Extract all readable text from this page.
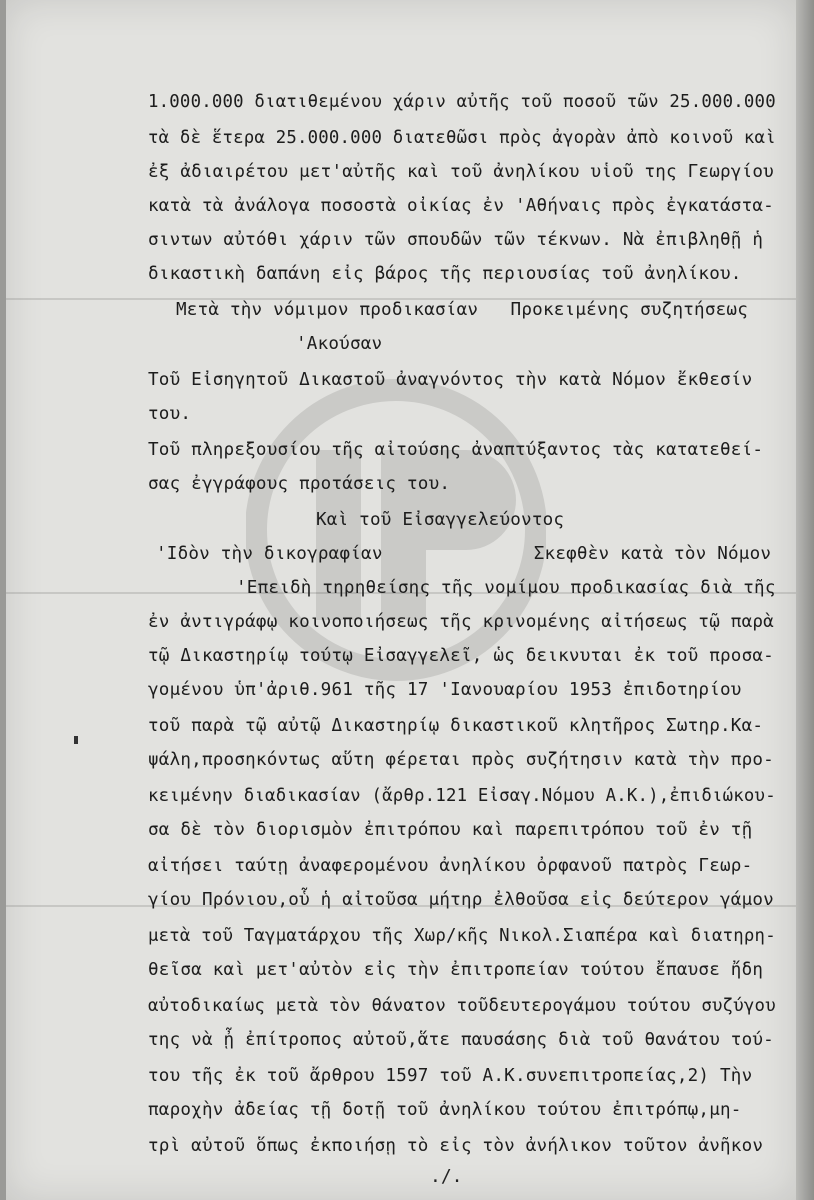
1.000.000 διατιθεμένου χάριν αὐτῆς τοῦ ποσοῦ τῶν 25.000.000
τὰ δὲ ἕτερα 25.000.000 διατεθῶσι πρὸς ἀγορὰν ἀπὸ κοινοῦ καὶ
ἐξ ἀδιαιρέτου μετ'αὐτῆς καὶ τοῦ ἀνηλίκου υἱοῦ της Γεωργίου
κατὰ τὰ ἀνάλογα ποσοστὰ οἰκίας ἐν 'Αθήναις πρὸς ἐγκατάστα-
σιντων αὐτόθι χάριν τῶν σπουδῶν τῶν τέκνων. Νὰ ἐπιβληθῇ ἡ
δικαστικὴ δαπάνη εἰς βάρος τῆς περιουσίας τοῦ ἀνηλίκου.
Μετὰ τὴν νόμιμον προδικασίαν   Προκειμένης συζητήσεως
'Ακούσαν
Τοῦ Εἰσηγητοῦ Δικαστοῦ ἀναγνόντος τὴν κατὰ Νόμον ἔκθεσίν
του.
Τοῦ πληρεξουσίου τῆς αἰτούσης ἀναπτύξαντος τὰς κατατεθεί-
σας ἐγγράφους προτάσεις του.
Καὶ τοῦ Εἰσαγγελεύοντος
'Ιδὸν τὴν δικογραφίαν              Σκεφθὲν κατὰ τὸν Νόμον
'Επειδὴ τηρηθείσης τῆς νομίμου προδικασίας διὰ τῆς
ἐν ἀντιγράφῳ κοινοποιήσεως τῆς κρινομένης αἰτήσεως τῷ παρὰ
τῷ Δικαστηρίῳ τούτῳ Εἰσαγγελεῖ, ὡς δεικνυται ἐκ τοῦ προσα-
γομένου ὑπ'ἀριθ.961 τῆς 17 'Ιανουαρίου 1953 ἐπιδοτηρίου
τοῦ παρὰ τῷ αὐτῷ Δικαστηρίῳ δικαστικοῦ κλητῆρος Σωτηρ.Κα-
ψάλη,προσηκόντως αὕτη φέρεται πρὸς συζήτησιν κατὰ τὴν προ-
κειμένην διαδικασίαν (ἄρθρ.121 Εἰσαγ.Νόμου Α.Κ.),ἐπιδιώκου-
σα δὲ τὸν διορισμὸν ἐπιτρόπου καὶ παρεπιτρόπου τοῦ ἐν τῇ
αἰτήσει ταύτῃ ἀναφερομένου ἀνηλίκου ὀρφανοῦ πατρὸς Γεωρ-
γίου Πρόνιου,οὗ ἡ αἰτοῦσα μήτηρ ἐλθοῦσα εἰς δεύτερον γάμον
μετὰ τοῦ Ταγματάρχου τῆς Χωρ/κῆς Νικολ.Σιαπέρα καὶ διατηρη-
θεῖσα καὶ μετ'αὐτὸν εἰς τὴν ἐπιτροπείαν τούτου ἔπαυσε ἤδη
αὐτοδικαίως μετὰ τὸν θάνατον τοῦδευτερογάμου τούτου συζύγου
της νὰ ᾖ ἐπίτροπος αὐτοῦ,ἅτε παυσάσης διὰ τοῦ θανάτου τού-
του τῆς ἐκ τοῦ ἄρθρου 1597 τοῦ Α.Κ.συνεπιτροπείας,2) Τὴν
παροχὴν ἀδείας τῇ δοτῇ τοῦ ἀνηλίκου τούτου ἐπιτρόπῳ,μη-
τρὶ αὐτοῦ ὅπως ἐκποιήσῃ τὸ εἰς τὸν ἀνήλικον τοῦτον ἀνῆκον
./.
